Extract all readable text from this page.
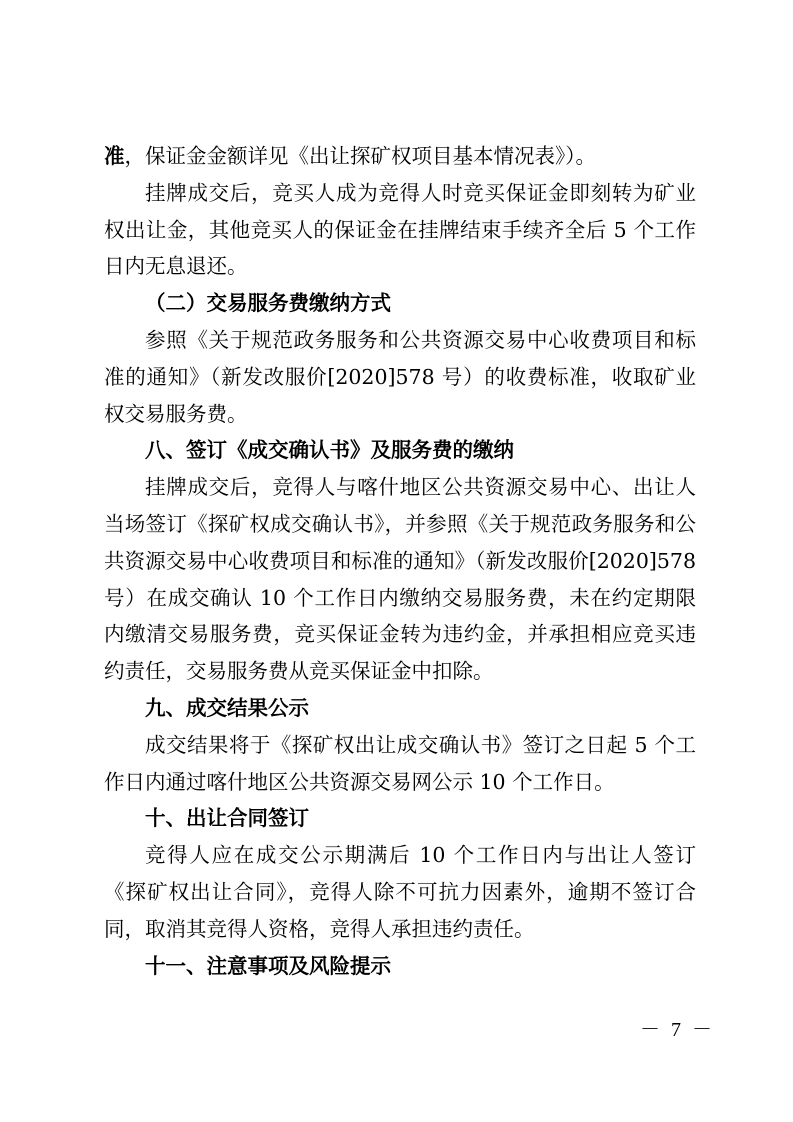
准，保证金金额详见《出让探矿权项目基本情况表》）。

挂牌成交后，竞买人成为竞得人时竞买保证金即刻转为矿业权出让金，其他竞买人的保证金在挂牌结束手续齐全后 5 个工作日内无息退还。

（二）交易服务费缴纳方式

参照《关于规范政务服务和公共资源交易中心收费项目和标准的通知》（新发改服价[2020]578 号）的收费标准，收取矿业权交易服务费。

八、签订《成交确认书》及服务费的缴纳

挂牌成交后，竞得人与喀什地区公共资源交易中心、出让人当场签订《探矿权成交确认书》，并参照《关于规范政务服务和公共资源交易中心收费项目和标准的通知》（新发改服价[2020]578 号）在成交确认 10 个工作日内缴纳交易服务费，未在约定期限内缴清交易服务费，竞买保证金转为违约金，并承担相应竞买违约责任，交易服务费从竞买保证金中扣除。

九、成交结果公示

成交结果将于《探矿权出让成交确认书》签订之日起 5 个工作日内通过喀什地区公共资源交易网公示 10 个工作日。

十、出让合同签订

竞得人应在成交公示期满后 10 个工作日内与出让人签订《探矿权出让合同》，竞得人除不可抗力因素外，逾期不签订合同，取消其竞得人资格，竞得人承担违约责任。

十一、注意事项及风险提示

－ 7 －
